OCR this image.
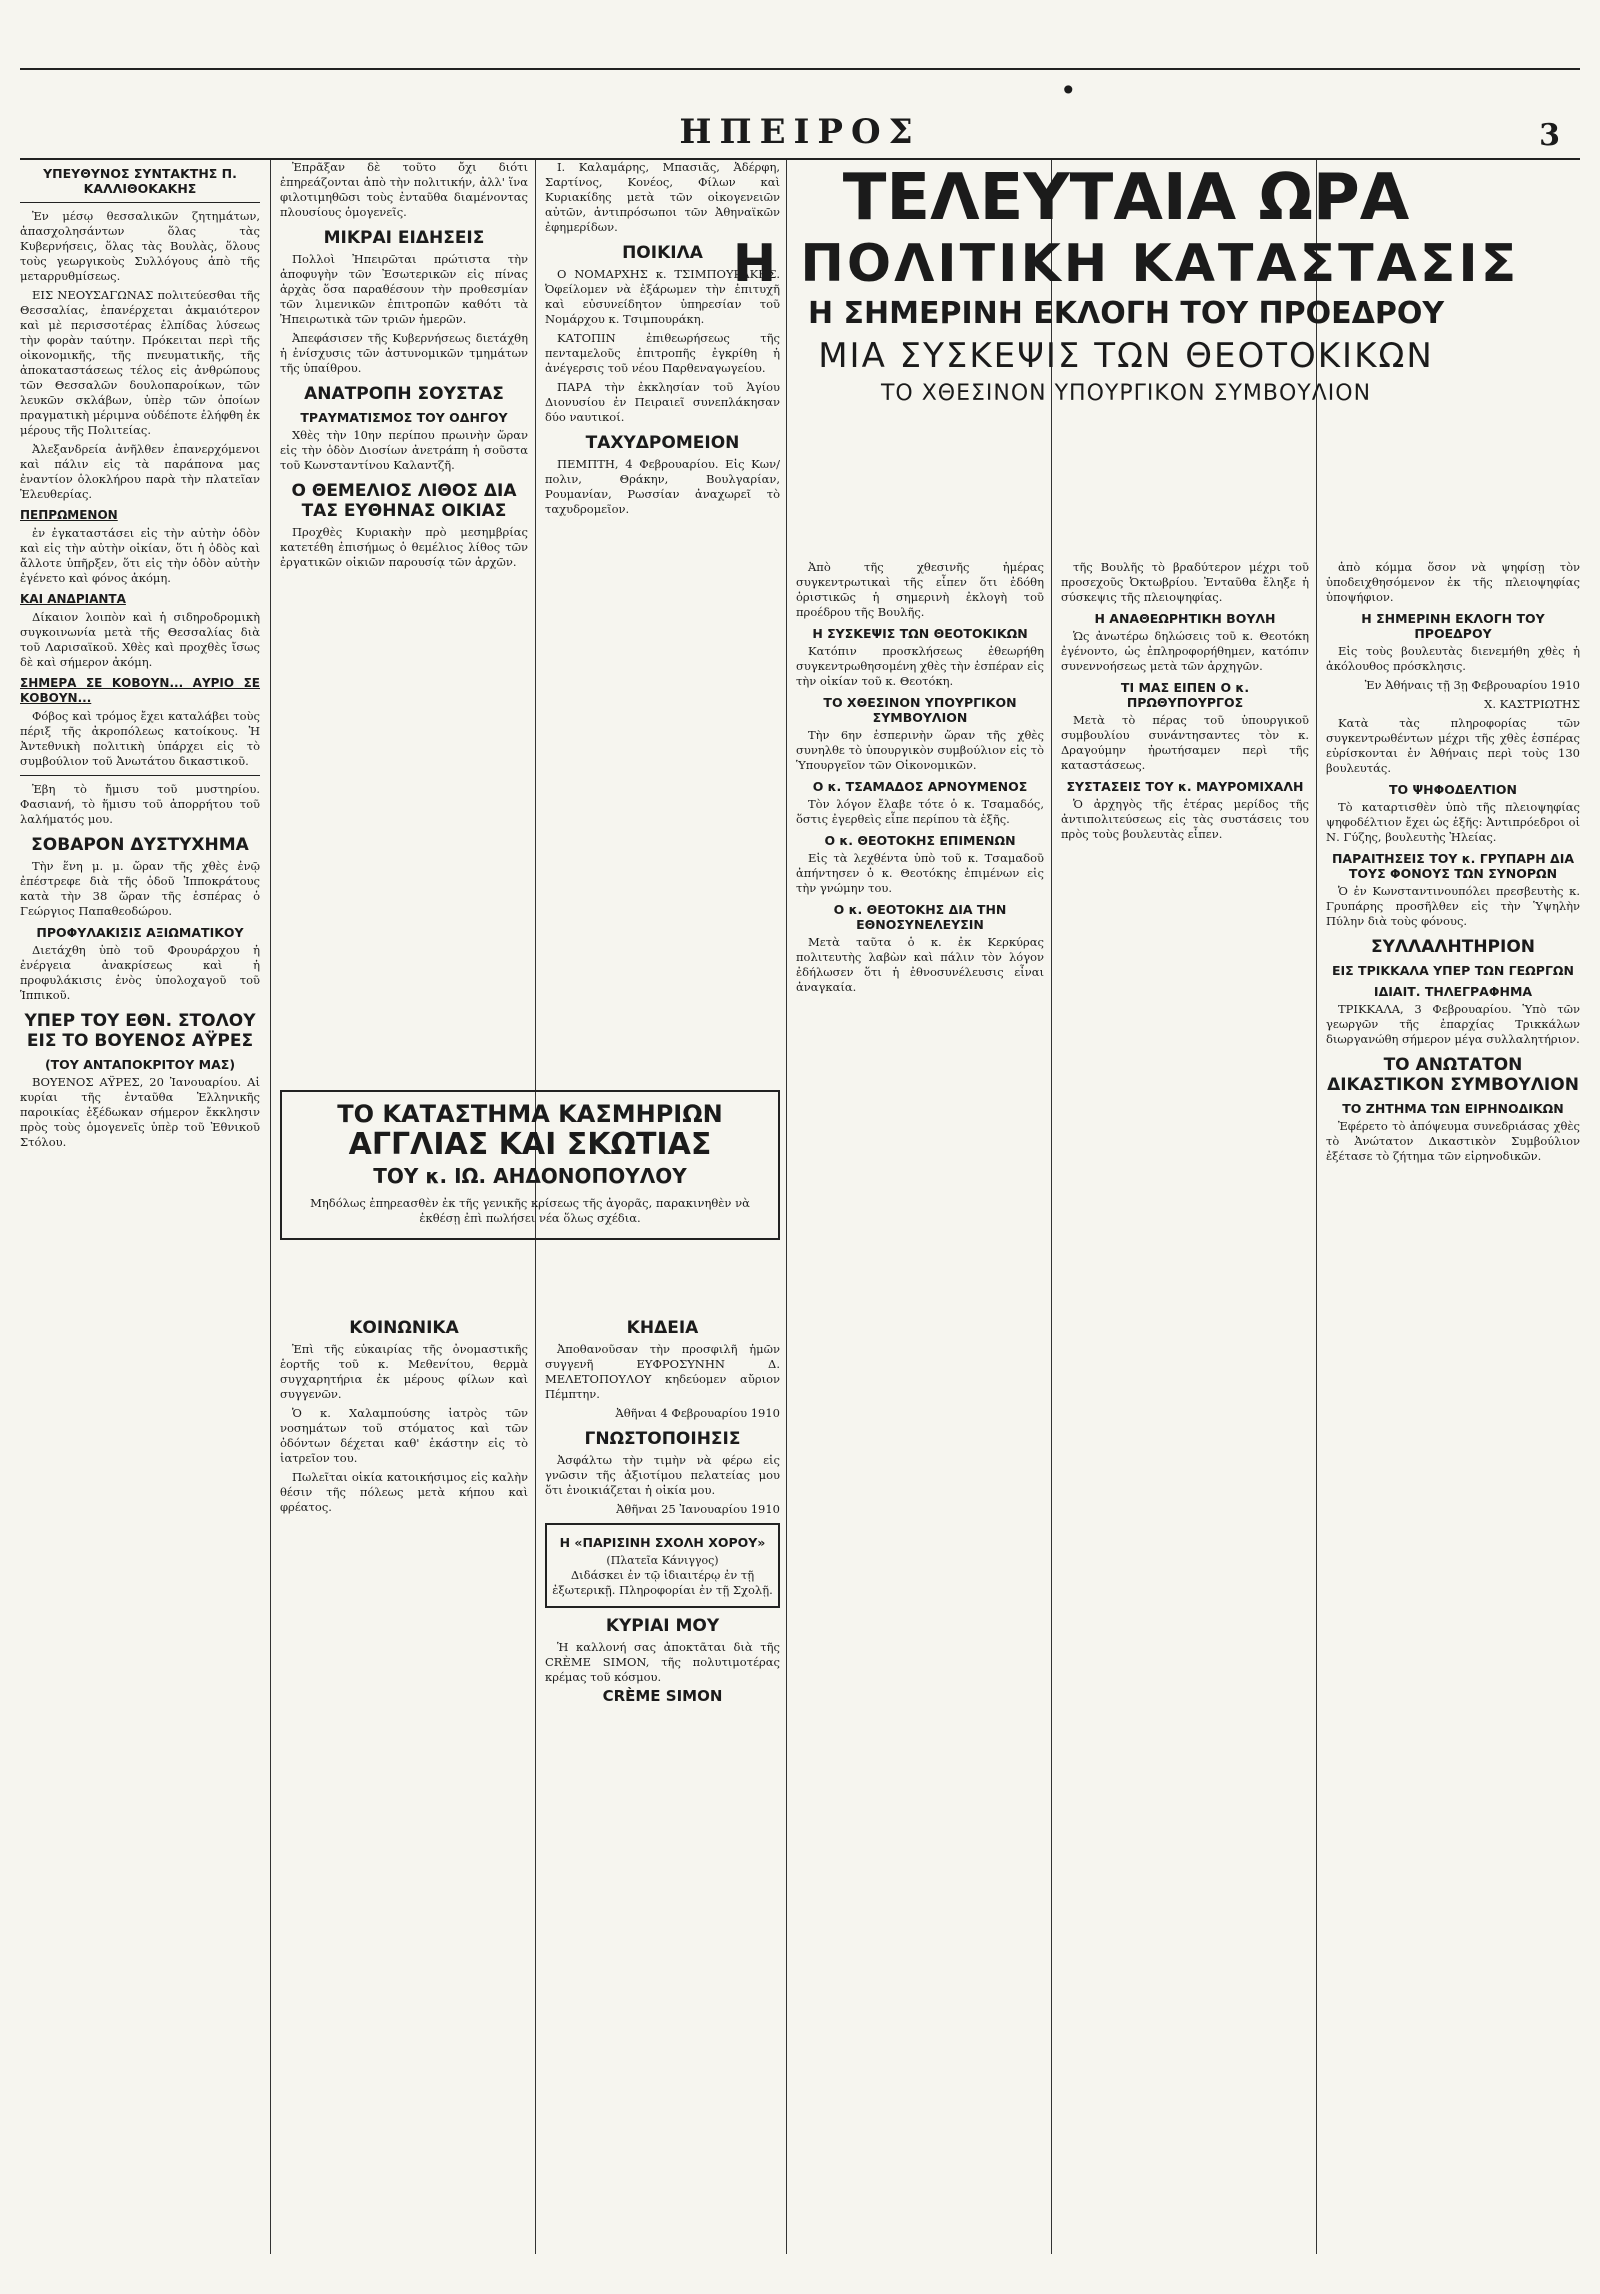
•
ΗΠΕΙΡΟΣ	3
ΥΠΕΥΘΥΝΟΣ ΣΥΝΤΑΚΤΗΣ Π. ΚΑΛΛΙΘΟΚΑΚΗΣ

Ἐν μέσῳ θεσσαλικῶν ζητημάτων, ἀπασχολησάντων ὅλας τὰς Κυβερνήσεις, ὅλας τὰς Βουλὰς, ὅλους τοὺς γεωργικοὺς Συλλόγους ἀπὸ τῆς μεταρρυθμίσεως.

ΕΙΣ ΝΕΟΥΣΑΓΩΝΑΣ πολιτεύεσθαι τῆς Θεσσαλίας, ἐπανέρχεται ἀκμαιότερον καὶ μὲ περισσοτέρας ἐλπίδας λύσεως τὴν φορὰν ταύτην. Πρόκειται περὶ τῆς οἰκονομικῆς, τῆς πνευματικῆς, τῆς ἀποκαταστάσεως τέλος εἰς ἀνθρώπους τῶν Θεσσαλῶν δουλοπαροίκων, τῶν λευκῶν σκλάβων, ὑπὲρ τῶν ὁποίων πραγματικὴ μέριμνα οὐδέποτε ἐλήφθη ἐκ μέρους τῆς Πολιτείας.

Ἀλεξανδρεία ἀνῆλθεν ἐπανερχόμενοι καὶ πάλιν εἰς τὰ παράπονα μας ἐναντίον ὁλοκλήρου παρὰ τὴν πλατεῖαν Ἐλευθερίας.

ΠΕΠΡΩΜΕΝΟΝ

ἐν ἐγκαταστάσει εἰς τὴν αὐτὴν ὁδὸν καὶ εἰς τὴν αὐτὴν οἰκίαν, ὅτι ἡ ὁδὸς καὶ ἄλλοτε ὑπῆρξεν, ὅτι εἰς τὴν ὁδὸν αὐτὴν ἐγένετο καὶ φόνος ἀκόμη.

ΚΑΙ ΑΝΔΡΙΑΝΤΑ

Δίκαιον λοιπὸν καὶ ἡ σιδηροδρομικὴ συγκοινωνία μετὰ τῆς Θεσσαλίας διὰ τοῦ Λαρισαϊκοῦ. Χθὲς καὶ προχθὲς ἴσως δὲ καὶ σήμερον ἀκόμη.

ΣΗΜΕΡΑ ΣΕ ΚΟΒΟΥΝ... ΑΥΡΙΟ ΣΕ ΚΟΒΟΥΝ...

Φόβος καὶ τρόμος ἔχει καταλάβει τοὺς πέριξ τῆς ἀκροπόλεως κατοίκους. Ἡ Ἀντεθνικὴ πολιτικὴ ὑπάρχει εἰς τὸ συμβούλιον τοῦ Ἀνωτάτου δικαστικοῦ.

Ἐβη τὸ ἤμισυ τοῦ μυστηρίου. Φασιανή, τὸ ἥμισυ τοῦ ἀπορρήτου τοῦ λαλήματός μου.

ΣΟΒΑΡΟΝ ΔΥΣΤΥΧΗΜΑ

Τὴν ἕνη μ. μ. ὥραν τῆς χθὲς ἐνῷ ἐπέστρεφε διὰ τῆς ὁδοῦ Ἱπποκράτους κατὰ τὴν 38 ὥραν τῆς ἑσπέρας ὁ Γεώργιος Παπαθεοδώρου.

ΠΡΟΦΥΛΑΚΙΣΙΣ ΑΞΙΩΜΑΤΙΚΟΥ

Διετάχθη ὑπὸ τοῦ Φρουράρχου ἡ ἐνέργεια ἀνακρίσεως καὶ ἡ προφυλάκισις ἑνὸς ὑπολοχαγοῦ τοῦ Ἱππικοῦ.

ΥΠΕΡ ΤΟΥ ΕΘΝ. ΣΤΟΛΟΥ ΕΙΣ ΤΟ ΒΟΥΕΝΟΣ ΑΫΡΕΣ
(ΤΟΥ ΑΝΤΑΠΟΚΡΙΤΟΥ ΜΑΣ)

ΒΟΥΕΝΟΣ ΑΫΡΕΣ, 20 Ἰανουαρίου. Αἱ κυρίαι τῆς ἐνταῦθα Ἑλληνικῆς παροικίας ἐξέδωκαν σήμερον ἔκκλησιν πρὸς τοὺς ὁμογενεῖς ὑπὲρ τοῦ Ἐθνικοῦ Στόλου.

Ἐπρᾶξαν δὲ τοῦτο ὄχι διότι ἐπηρεάζονται ἀπὸ τὴν πολιτικήν, ἀλλ' ἵνα φιλοτιμηθῶσι τοὺς ἐνταῦθα διαμένοντας πλουσίους ὁμογενεῖς.

ΜΙΚΡΑΙ ΕΙΔΗΣΕΙΣ

Πολλοὶ Ἠπειρῶται πρώτιστα τὴν ἀποφυγὴν τῶν Ἐσωτερικῶν εἰς πίνας ἀρχὰς ὅσα παραθέσουν τὴν προθεσμίαν τῶν λιμενικῶν ἐπιτροπῶν καθότι τὰ Ἠπειρωτικὰ τῶν τριῶν ἡμερῶν.

Ἀπεφάσισεν τῆς Κυβερνήσεως διετάχθη ἡ ἐνίσχυσις τῶν ἀστυνομικῶν τμημάτων τῆς ὑπαίθρου.

ΑΝΑΤΡΟΠΗ ΣΟΥΣΤΑΣ
ΤΡΑΥΜΑΤΙΣΜΟΣ ΤΟΥ ΟΔΗΓΟΥ

Χθὲς τὴν 10ην περίπου πρωινὴν ὥραν εἰς τὴν ὁδὸν Διοσίων ἀνετράπη ἡ σοῦστα τοῦ Κωνσταντίνου Καλαντζῆ.

Ο ΘΕΜΕΛΙΟΣ ΛΙΘΟΣ ΔΙΑ ΤΑΣ ΕΥΘΗΝΑΣ ΟΙΚΙΑΣ

Προχθὲς Κυριακὴν πρὸ μεσημβρίας κατετέθη ἐπισήμως ὁ θεμέλιος λίθος τῶν ἐργατικῶν οἰκιῶν παρουσίᾳ τῶν ἀρχῶν.

ΤΟ ΚΑΤΑΣΤΗΜΑ ΚΑΣΜΗΡΙΩΝ
ΑΓΓΛΙΑΣ ΚΑΙ ΣΚΩΤΙΑΣ
ΤΟΥ κ. ΙΩ. ΑΗΔΟΝΟΠΟΥΛΟΥ

Μηδόλως ἐπηρεασθὲν ἐκ τῆς γενικῆς κρίσεως τῆς ἀγορᾶς, παρακινηθὲν νὰ ἐκθέσῃ ἐπὶ πωλήσει νέα ὅλως σχέδια.

ΚΟΙΝΩΝΙΚΑ

Ἐπὶ τῆς εὐκαιρίας τῆς ὀνομαστικῆς ἑορτῆς τοῦ κ. Μεθενίτου, θερμὰ συγχαρητήρια ἐκ μέρους φίλων καὶ συγγενῶν.

Ὁ κ. Χαλαμπούσης ἰατρὸς τῶν νοσημάτων τοῦ στόματος καὶ τῶν ὀδόντων δέχεται καθ' ἑκάστην εἰς τὸ ἰατρεῖον του.

Πωλεῖται οἰκία κατοικήσιμος εἰς καλὴν θέσιν τῆς πόλεως μετὰ κήπου καὶ φρέατος.

Ι. Καλαμάρης, Μπασιᾶς, Ἀδέρφη, Σαρτίνος, Κονέος, Φίλων καὶ Κυριακίδης μετὰ τῶν οἰκογενειῶν αὐτῶν, ἀντιπρόσωποι τῶν Ἀθηναϊκῶν ἐφημερίδων.

ΠΟΙΚΙΛΑ

Ο ΝΟΜΑΡΧΗΣ κ. ΤΣΙΜΠΟΥΡΑΚΗΣ. Ὀφείλομεν νὰ ἐξάρωμεν τὴν ἐπιτυχῆ καὶ εὐσυνείδητον ὑπηρεσίαν τοῦ Νομάρχου κ. Τσιμπουράκη.

ΚΑΤΟΠΙΝ ἐπιθεωρήσεως τῆς πενταμελοῦς ἐπιτροπῆς ἐγκρίθη ἡ ἀνέγερσις τοῦ νέου Παρθεναγωγείου.

ΠΑΡΑ τὴν ἐκκλησίαν τοῦ Ἁγίου Διονυσίου ἐν Πειραιεῖ συνεπλάκησαν δύο ναυτικοί.

ΤΑΧΥΔΡΟΜΕΙΟΝ

ΠΕΜΠΤΗ, 4 Φεβρουαρίου. Εἰς Κων/πολιν, Θράκην, Βουλγαρίαν, Ρουμανίαν, Ρωσσίαν ἀναχωρεῖ τὸ ταχυδρομεῖον.

ΚΗΔΕΙΑ

Ἀποθανοῦσαν τὴν προσφιλῆ ἡμῶν συγγενῆ ΕΥΦΡΟΣΥΝΗΝ Δ. ΜΕΛΕΤΟΠΟΥΛΟΥ κηδεύομεν αὔριον Πέμπτην.

Ἀθῆναι 4 Φεβρουαρίου 1910

ΓΝΩΣΤΟΠΟΙΗΣΙΣ

Ἀσφάλτω τὴν τιμὴν νὰ φέρω εἰς γνῶσιν τῆς ἀξιοτίμου πελατείας μου ὅτι ἐνοικιάζεται ἡ οἰκία μου.

Ἀθῆναι 25 Ἰανουαρίου 1910

Η «ΠΑΡΙΣΙΝΗ ΣΧΟΛΗ ΧΟΡΟΥ»
(Πλατεῖα Κάνιγγος)

Διδάσκει ἐν τῷ ἰδιαιτέρῳ ἐν τῇ ἐξωτερικῇ. Πληροφορίαι ἐν τῇ Σχολῇ.

ΚΥΡΙΑΙ ΜΟΥ

Ἡ καλλονή σας ἀποκτᾶται διὰ τῆς CRÈME SIMON, τῆς πολυτιμοτέρας κρέμας τοῦ κόσμου.

CRÈME SIMON
ΤΕΛΕΥΤΑΙΑ ΩΡΑ
Η ΠΟΛΙΤΙΚΗ ΚΑΤΑΣΤΑΣΙΣ
Η ΣΗΜΕΡΙΝΗ ΕΚΛΟΓΗ ΤΟΥ ΠΡΟΕΔΡΟΥ
ΜΙΑ ΣΥΣΚΕΨΙΣ ΤΩΝ ΘΕΟΤΟΚΙΚΩΝ
ΤΟ ΧΘΕΣΙΝΟΝ ΥΠΟΥΡΓΙΚΟΝ ΣΥΜΒΟΥΛΙΟΝ

Ἀπὸ τῆς χθεσινῆς ἡμέρας συγκεντρωτικαὶ τῆς εἶπεν ὅτι ἐδόθη ὁριστικῶς ἡ σημερινὴ ἐκλογὴ τοῦ προέδρου τῆς Βουλῆς.

Η ΣΥΣΚΕΨΙΣ ΤΩΝ ΘΕΟΤΟΚΙΚΩΝ

Κατόπιν προσκλήσεως ἐθεωρήθη συγκεντρωθησομένη χθὲς τὴν ἑσπέραν εἰς τὴν οἰκίαν τοῦ κ. Θεοτόκη.

ΤΟ ΧΘΕΣΙΝΟΝ ΥΠΟΥΡΓΙΚΟΝ ΣΥΜΒΟΥΛΙΟΝ

Τὴν 6ην ἑσπερινὴν ὥραν τῆς χθὲς συνηλθε τὸ ὑπουργικὸν συμβούλιον εἰς τὸ Ὑπουργεῖον τῶν Οἰκονομικῶν.

Ο κ. ΤΣΑΜΑΔΟΣ ΑΡΝΟΥΜΕΝΟΣ

Τὸν λόγον ἔλαβε τότε ὁ κ. Τσαμαδός, ὅστις ἐγερθεὶς εἶπε περίπου τὰ ἑξῆς.

Ο κ. ΘΕΟΤΟΚΗΣ ΕΠΙΜΕΝΩΝ

Εἰς τὰ λεχθέντα ὑπὸ τοῦ κ. Τσαμαδοῦ ἀπήντησεν ὁ κ. Θεοτόκης ἐπιμένων εἰς τὴν γνώμην του.

Ο κ. ΘΕΟΤΟΚΗΣ ΔΙΑ ΤΗΝ ΕΘΝΟΣΥΝΕΛΕΥΣΙΝ

Μετὰ ταῦτα ὁ κ. ἐκ Κερκύρας πολιτευτὴς λαβὼν καὶ πάλιν τὸν λόγον ἐδήλωσεν ὅτι ἡ ἐθνοσυνέλευσις εἶναι ἀναγκαία.

τῆς Βουλῆς τὸ βραδύτερον μέχρι τοῦ προσεχοῦς Ὀκτωβρίου. Ἐνταῦθα ἔληξε ἡ σύσκεψις τῆς πλειοψηφίας.

Η ΑΝΑΘΕΩΡΗΤΙΚΗ ΒΟΥΛΗ

Ὡς ἀνωτέρω δηλώσεις τοῦ κ. Θεοτόκη ἐγένοντο, ὡς ἐπληροφορήθημεν, κατόπιν συνεννοήσεως μετὰ τῶν ἀρχηγῶν.

ΤΙ ΜΑΣ ΕΙΠΕΝ Ο κ. ΠΡΩΘΥΠΟΥΡΓΟΣ

Μετὰ τὸ πέρας τοῦ ὑπουργικοῦ συμβουλίου συνάντησαντες τὸν κ. Δραγούμην ἠρωτήσαμεν περὶ τῆς καταστάσεως.

ΣΥΣΤΑΣΕΙΣ ΤΟΥ κ. ΜΑΥΡΟΜΙΧΑΛΗ

Ὁ ἀρχηγὸς τῆς ἑτέρας μερίδος τῆς ἀντιπολιτεύσεως εἰς τὰς συστάσεις του πρὸς τοὺς βουλευτὰς εἶπεν.

ἀπὸ κόμμα ὅσον νὰ ψηφίσῃ τὸν ὑποδειχθησόμενον ἐκ τῆς πλειοψηφίας ὑποψήφιον.

Η ΣΗΜΕΡΙΝΗ ΕΚΛΟΓΗ ΤΟΥ ΠΡΟΕΔΡΟΥ

Εἰς τοὺς βουλευτὰς διενεμήθη χθὲς ἡ ἀκόλουθος πρόσκλησις.

Ἐν Ἀθήναις τῇ 3ῃ Φεβρουαρίου 1910

Χ. ΚΑΣΤΡΙΩΤΗΣ

Κατὰ τὰς πληροφορίας τῶν συγκεντρωθέντων μέχρι τῆς χθὲς ἑσπέρας εὑρίσκονται ἐν Ἀθήναις περὶ τοὺς 130 βουλευτάς.

ΤΟ ΨΗΦΟΔΕΛΤΙΟΝ

Τὸ καταρτισθὲν ὑπὸ τῆς πλειοψηφίας ψηφοδέλτιον ἔχει ὡς ἑξῆς: Ἀντιπρόεδροι οἱ Ν. Γύζης, βουλευτὴς Ἠλείας.

ΠΑΡΑΙΤΗΣΕΙΣ ΤΟΥ κ. ΓΡΥΠΑΡΗ ΔΙΑ ΤΟΥΣ ΦΟΝΟΥΣ ΤΩΝ ΣΥΝΟΡΩΝ

Ὁ ἐν Κωνσταντινουπόλει πρεσβευτὴς κ. Γρυπάρης προσῆλθεν εἰς τὴν Ὑψηλὴν Πύλην διὰ τοὺς φόνους.

ΣΥΛΛΑΛΗΤΗΡΙΟΝ
ΕΙΣ ΤΡΙΚΚΑΛΑ ΥΠΕΡ ΤΩΝ ΓΕΩΡΓΩΝ
ΙΔΙΑΙΤ. ΤΗΛΕΓΡΑΦΗΜΑ

ΤΡΙΚΚΑΛΑ, 3 Φεβρουαρίου. Ὑπὸ τῶν γεωργῶν τῆς ἐπαρχίας Τρικκάλων διωργανώθη σήμερον μέγα συλλαλητήριον.

ΤΟ ΑΝΩΤΑΤΟΝ ΔΙΚΑΣΤΙΚΟΝ ΣΥΜΒΟΥΛΙΟΝ
ΤΟ ΖΗΤΗΜΑ ΤΩΝ ΕΙΡΗΝΟΔΙΚΩΝ

Ἐφέρετο τὸ ἀπόψευμα συνεδριάσας χθὲς τὸ Ἀνώτατον Δικαστικὸν Συμβούλιον ἐξέτασε τὸ ζήτημα τῶν εἰρηνοδικῶν.
